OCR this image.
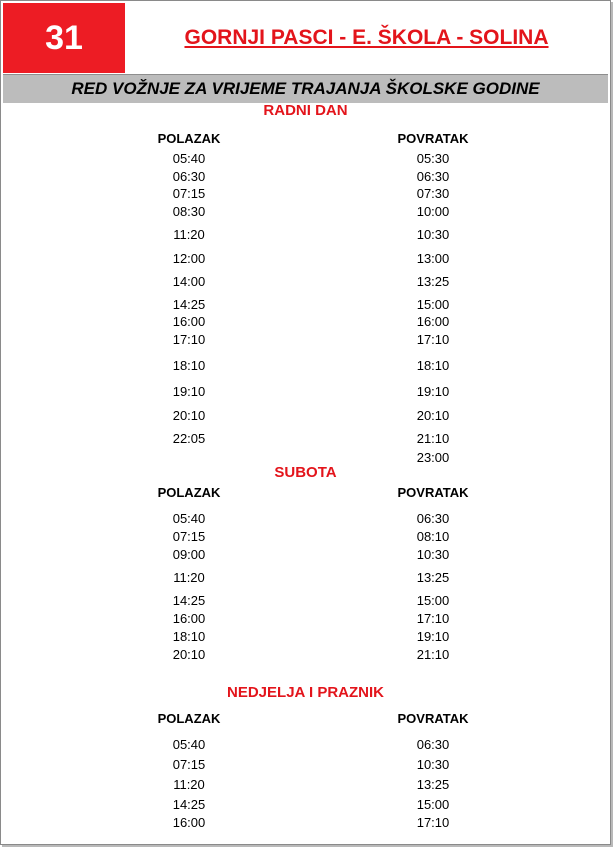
31	GORNJI PASCI - E. ŠKOLA - SOLINA
RED VOŽNJE ZA VRIJEME TRAJANJA ŠKOLSKE GODINE
RADNI DAN
POLAZAK
05:40
06:30
07:15
08:30
11:20
12:00
14:00
14:25
16:00
17:10
18:10
19:10
20:10
22:05
POVRATAK
05:30
06:30
07:30
10:00
10:30
13:00
13:25
15:00
16:00
17:10
18:10
19:10
20:10
21:10
23:00
SUBOTA
POLAZAK
05:40
07:15
09:00
11:20
14:25
16:00
18:10
20:10
POVRATAK
06:30
08:10
10:30
13:25
15:00
17:10
19:10
21:10
NEDJELJA I PRAZNIK
POLAZAK
05:40
07:15
11:20
14:25
16:00
POVRATAK
06:30
10:30
13:25
15:00
17:10
